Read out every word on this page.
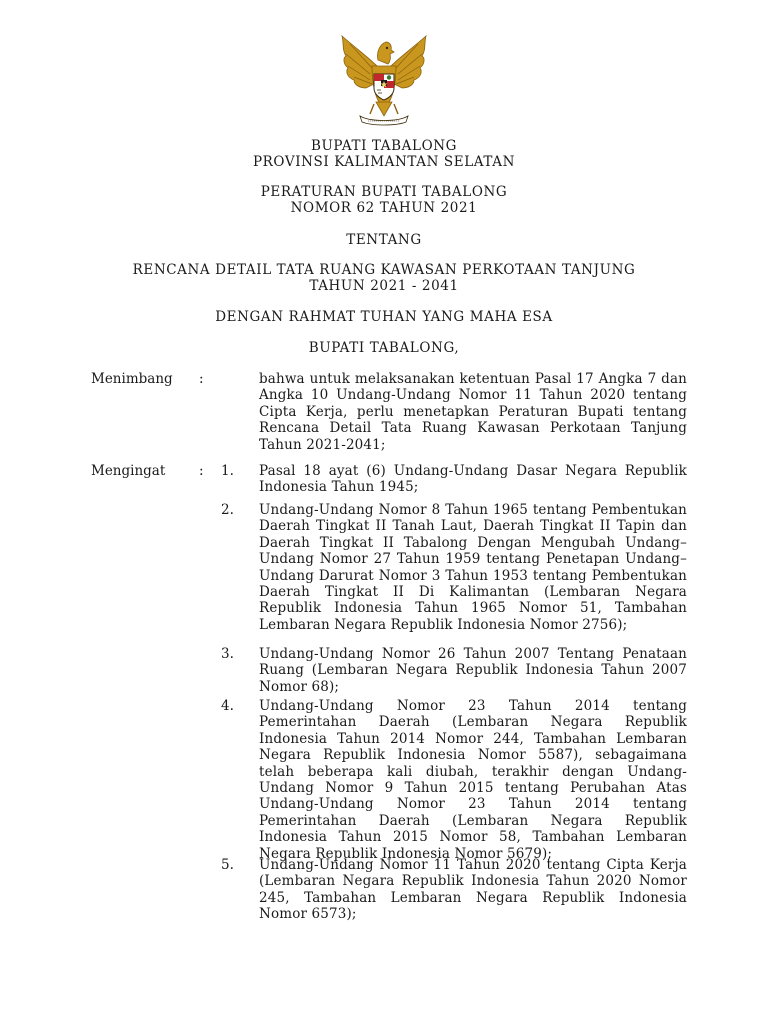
BUPATI TABALONG
PROVINSI KALIMANTAN SELATAN
PERATURAN BUPATI TABALONG
NOMOR 62 TAHUN 2021
TENTANG
RENCANA DETAIL TATA RUANG KAWASAN PERKOTAAN TANJUNG
TAHUN 2021 - 2041
DENGAN RAHMAT TUHAN YANG MAHA ESA
BUPATI TABALONG,
Menimbang :	bahwa untuk melaksanakan ketentuan Pasal 17 Angka 7 dan Angka 10 Undang-Undang Nomor 11 Tahun 2020 tentang Cipta Kerja, perlu menetapkan Peraturan Bupati tentang Rencana Detail Tata Ruang Kawasan Perkotaan Tanjung Tahun 2021-2041;
Mengingat : 1. Pasal 18 ayat (6) Undang-Undang Dasar Negara Republik Indonesia Tahun 1945;
2. Undang-Undang Nomor 8 Tahun 1965 tentang Pembentukan Daerah Tingkat II Tanah Laut, Daerah Tingkat II Tapin dan Daerah Tingkat II Tabalong Dengan Mengubah Undang–Undang Nomor 27 Tahun 1959 tentang Penetapan Undang–Undang Darurat Nomor 3 Tahun 1953 tentang Pembentukan Daerah Tingkat II Di Kalimantan (Lembaran Negara Republik Indonesia Tahun 1965 Nomor 51, Tambahan Lembaran Negara Republik Indonesia Nomor 2756);
3. Undang-Undang Nomor 26 Tahun 2007 Tentang Penataan Ruang (Lembaran Negara Republik Indonesia Tahun 2007 Nomor 68);
4. Undang-Undang Nomor 23 Tahun 2014 tentang Pemerintahan Daerah (Lembaran Negara Republik Indonesia Tahun 2014 Nomor 244, Tambahan Lembaran Negara Republik Indonesia Nomor 5587), sebagaimana telah beberapa kali diubah, terakhir dengan Undang-Undang Nomor 9 Tahun 2015 tentang Perubahan Atas Undang-Undang Nomor 23 Tahun 2014 tentang Pemerintahan Daerah (Lembaran Negara Republik Indonesia Tahun 2015 Nomor 58, Tambahan Lembaran Negara Republik Indonesia Nomor 5679);
5. Undang-Undang Nomor 11 Tahun 2020 tentang Cipta Kerja (Lembaran Negara Republik Indonesia Tahun 2020 Nomor 245, Tambahan Lembaran Negara Republik Indonesia Nomor 6573);
